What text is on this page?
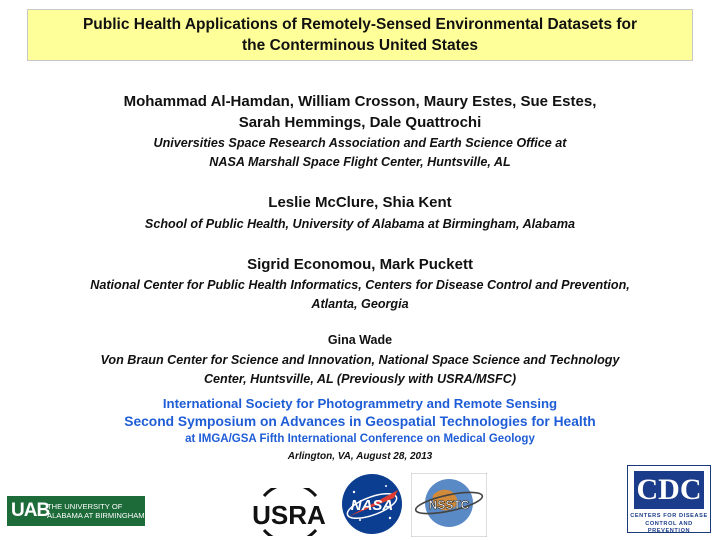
Public Health Applications of Remotely-Sensed Environmental Datasets for
the Conterminous United States
Mohammad Al-Hamdan, William Crosson, Maury Estes, Sue Estes,
Sarah Hemmings, Dale Quattrochi
Universities Space Research Association and Earth Science Office at
NASA Marshall Space Flight Center, Huntsville, AL
Leslie McClure, Shia Kent
School of Public Health, University of Alabama at Birmingham, Alabama
Sigrid Economou, Mark Puckett
National Center for Public Health Informatics, Centers for Disease Control and Prevention,
Atlanta, Georgia
Gina Wade
Von Braun Center for Science and Innovation, National Space Science and Technology
Center, Huntsville, AL (Previously with USRA/MSFC)
International Society for Photogrammetry and Remote Sensing
Second Symposium on Advances in Geospatial Technologies for Health
at IMGA/GSA Fifth International Conference on Medical Geology
Arlington, VA, August 28, 2013
UAB
THE UNIVERSITY OF
ALABAMA AT BIRMINGHAM	USRA NASA	NSSTC	CDC
CENTERS FOR DISEASE
CONTROL AND PREVENTION
